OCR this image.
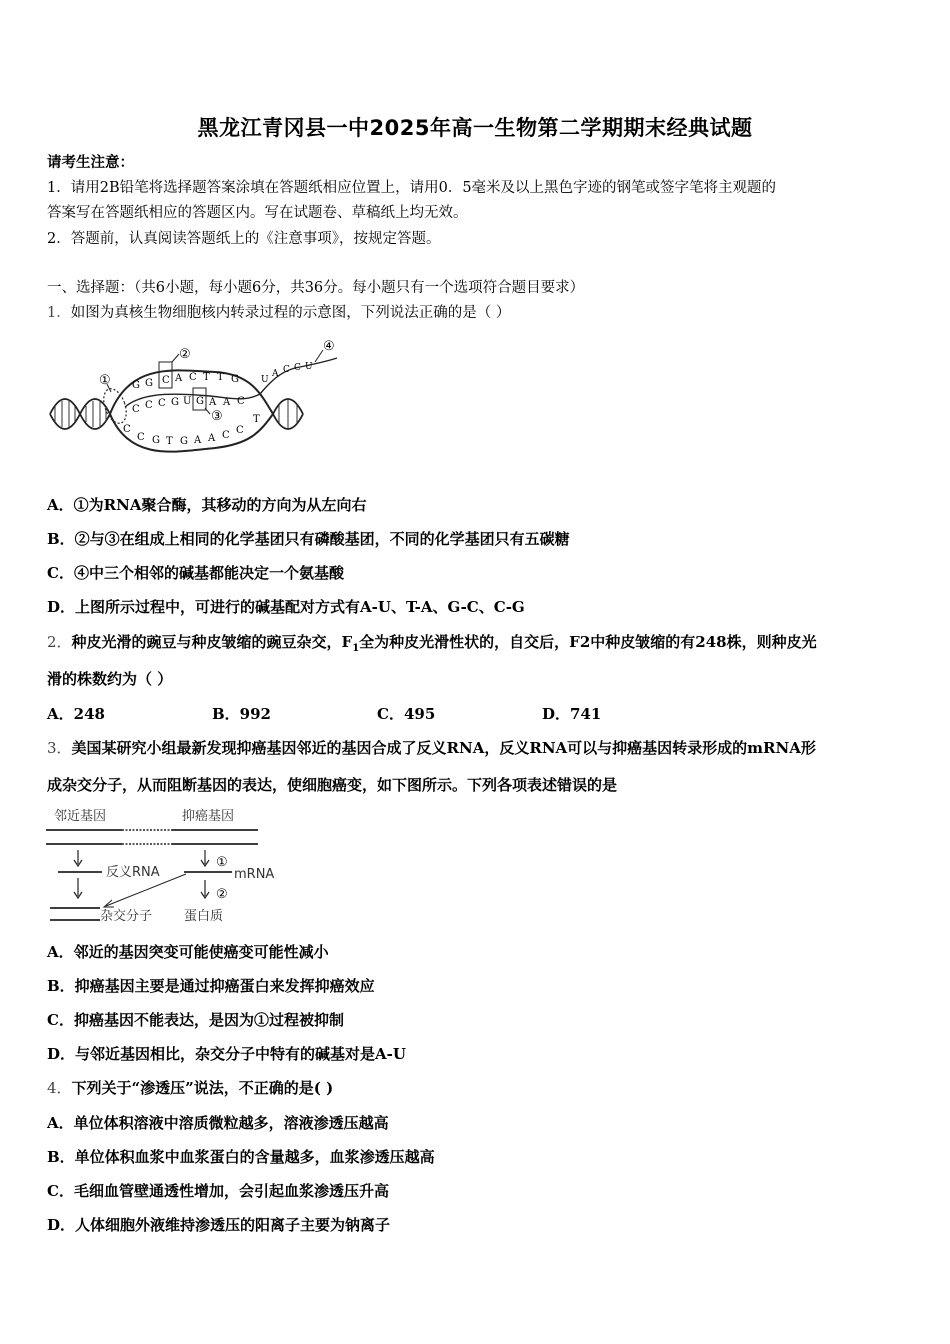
黑龙江青冈县一中2025年高一生物第二学期期末经典试题
请考生注意：
1．请用2B铅笔将选择题答案涂填在答题纸相应位置上，请用0．5毫米及以上黑色字迹的钢笔或签字笔将主观题的
答案写在答题纸相应的答题区内。写在试题卷、草稿纸上均无效。
2．答题前，认真阅读答题纸上的《注意事项》，按规定答题。
一、选择题：（共6小题，每小题6分，共36分。每小题只有一个选项符合题目要求）
1．如图为真核生物细胞核内转录过程的示意图，下列说法正确的是（ ）
①
②
③
④
G G C A C T T G
C C C G U G A A C
C
C G T G A A C C
T
U
A C C U
A．①为RNA聚合酶，其移动的方向为从左向右
B．②与③在组成上相同的化学基团只有磷酸基团，不同的化学基团只有五碳糖
C．④中三个相邻的碱基都能决定一个氨基酸
D．上图所示过程中，可进行的碱基配对方式有A-U、T-A、G-C、C-G
2．种皮光滑的豌豆与种皮皱缩的豌豆杂交，$F_1$全为种皮光滑性状的，自交后，F2中种皮皱缩的有248株，则种皮光
滑的株数约为（ ）
A．248	B．992	C．495	D．741
3．美国某研究小组最新发现抑癌基因邻近的基因合成了反义RNA，反义RNA可以与抑癌基因转录形成的mRNA形
成杂交分子，从而阻断基因的表达，使细胞癌变，如下图所示。下列各项表述错误的是
邻近基因	抑癌基因
①
反义RNA	mRNA
②
杂交分子 蛋白质
A．邻近的基因突变可能使癌变可能性减小
B．抑癌基因主要是通过抑癌蛋白来发挥抑癌效应
C．抑癌基因不能表达，是因为①过程被抑制
D．与邻近基因相比，杂交分子中特有的碱基对是A-U
4．下列关于“渗透压”说法，不正确的是( )
A．单位体积溶液中溶质微粒越多，溶液渗透压越高
B．单位体积血浆中血浆蛋白的含量越多，血浆渗透压越高
C．毛细血管壁通透性增加，会引起血浆渗透压升高
D．人体细胞外液维持渗透压的阳离子主要为钠离子
